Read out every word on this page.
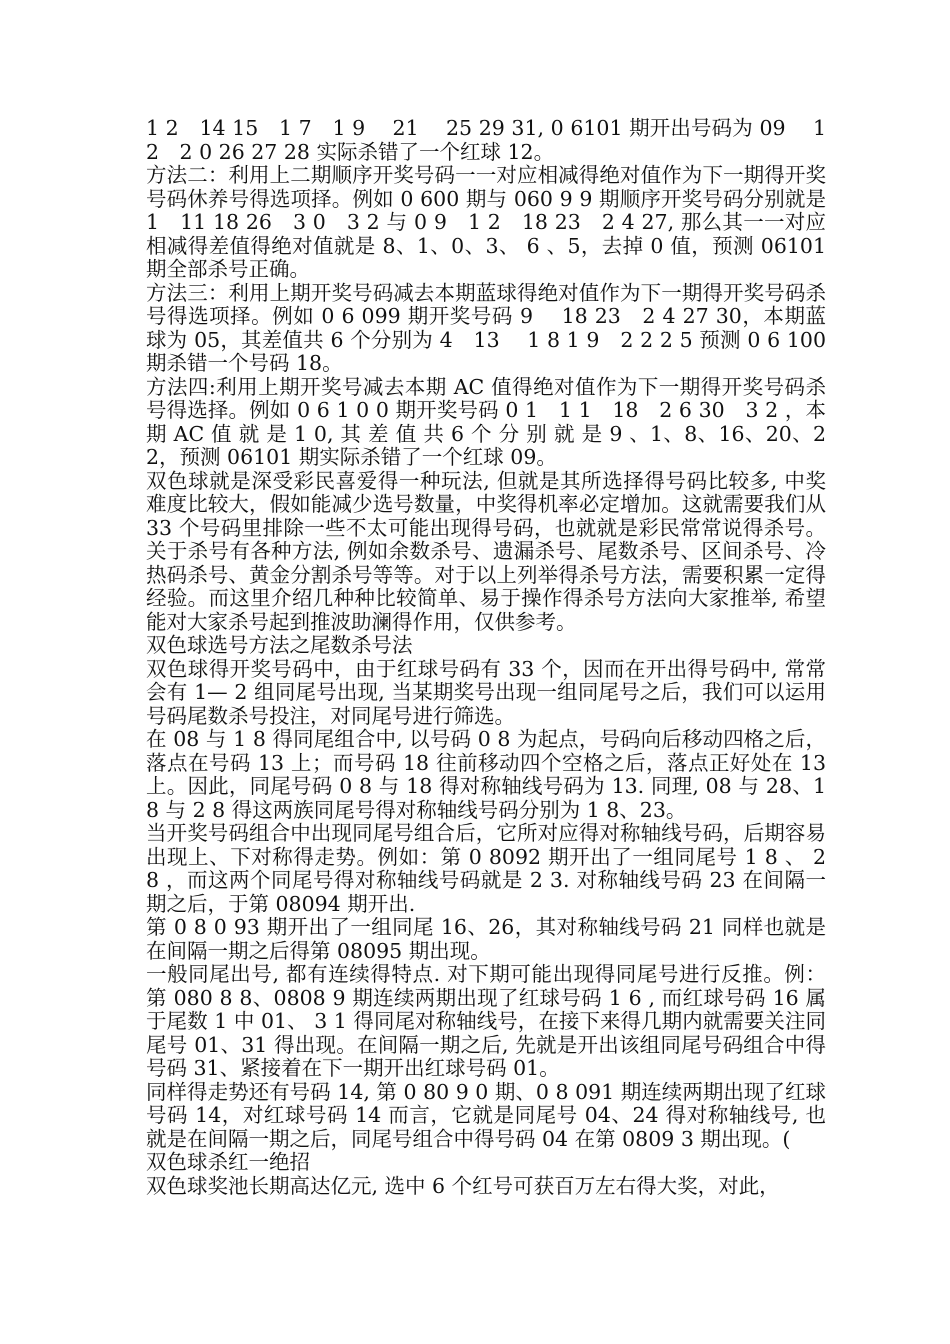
1 2　14 15　1 7　1 9　 21　 25 29 31, 0 6101 期开出号码为 09　 1 2　2 0 26 27 28 实际杀错了一个红球 12。

方法二：利用上二期顺序开奖号码一一对应相减得绝对值作为下一期得开奖号码休养号得选项择。例如 0 600 期与 060 9 9 期顺序开奖号码分别就是 1　11 18 26　3 0　3 2 与 0 9　1 2　18 23　2 4 27, 那么其一一对应相减得差值得绝对值就是 8、1、0、3、 6 、5，去掉 0 值，预测 06101 期全部杀号正确。

方法三：利用上期开奖号码减去本期蓝球得绝对值作为下一期得开奖号码杀号得选项择。例如 0 6 099 期开奖号码 9　 18 23　2 4 27 30，本期蓝球为 05，其差值共 6 个分别为 4　13　 1 8 1 9　2 2 2 5 预测 0 6 100 期杀错一个号码 18。

方法四:利用上期开奖号减去本期 AC 值得绝对值作为下一期得开奖号码杀号得选择。例如 0 6 1 0 0 期开奖号码 0 1　1 1　18　2 6 30　3 2 ，本 期 AC 值 就 是 1 0, 其 差 值 共 6 个 分 别 就 是 9 、1、8、16、20、22，预测 06101 期实际杀错了一个红球 09。

双色球就是深受彩民喜爱得一种玩法, 但就是其所选择得号码比较多, 中奖难度比较大，假如能减少选号数量，中奖得机率必定增加。这就需要我们从 33 个号码里排除一些不太可能出现得号码，也就就是彩民常常说得杀号。关于杀号有各种方法, 例如余数杀号、遗漏杀号、尾数杀号、区间杀号、冷热码杀号、黄金分割杀号等等。对于以上列举得杀号方法，需要积累一定得经验。而这里介绍几种种比较简单、易于操作得杀号方法向大家推举, 希望能对大家杀号起到推波助澜得作用，仅供参考。

双色球选号方法之尾数杀号法

双色球得开奖号码中，由于红球号码有 33 个，因而在开出得号码中, 常常会有 1— 2 组同尾号出现, 当某期奖号出现一组同尾号之后，我们可以运用号码尾数杀号投注，对同尾号进行筛选。

在 08 与 1 8 得同尾组合中, 以号码 0 8 为起点，号码向后移动四格之后，落点在号码 13 上；而号码 18 往前移动四个空格之后，落点正好处在 13 上。因此，同尾号码 0 8 与 18 得对称轴线号码为 13. 同理, 08 与 28、18 与 2 8 得这两族同尾号得对称轴线号码分别为 1 8、23。

当开奖号码组合中出现同尾号组合后，它所对应得对称轴线号码，后期容易出现上、下对称得走势。例如：第 0 8092 期开出了一组同尾号 1 8 、 2 8 ，而这两个同尾号得对称轴线号码就是 2 3. 对称轴线号码 23 在间隔一期之后，于第 08094 期开出.

第 0 8 0 93 期开出了一组同尾 16、26，其对称轴线号码 21 同样也就是在间隔一期之后得第 08095 期出现。

一般同尾出号, 都有连续得特点. 对下期可能出现得同尾号进行反推。例：第 080 8 8、0808 9 期连续两期出现了红球号码 1 6 , 而红球号码 16 属于尾数 1 中 01、 3 1 得同尾对称轴线号，在接下来得几期内就需要关注同尾号 01、31 得出现。在间隔一期之后, 先就是开出该组同尾号码组合中得号码 31、紧接着在下一期开出红球号码 01。

同样得走势还有号码 14, 第 0 80 9 0 期、0 8 091 期连续两期出现了红球号码 14，对红球号码 14 而言，它就是同尾号 04、24 得对称轴线号, 也就是在间隔一期之后，同尾号组合中得号码 04 在第 0809 3 期出现。(

双色球杀红一绝招

双色球奖池长期高达亿元, 选中 6 个红号可获百万左右得大奖，对此，
